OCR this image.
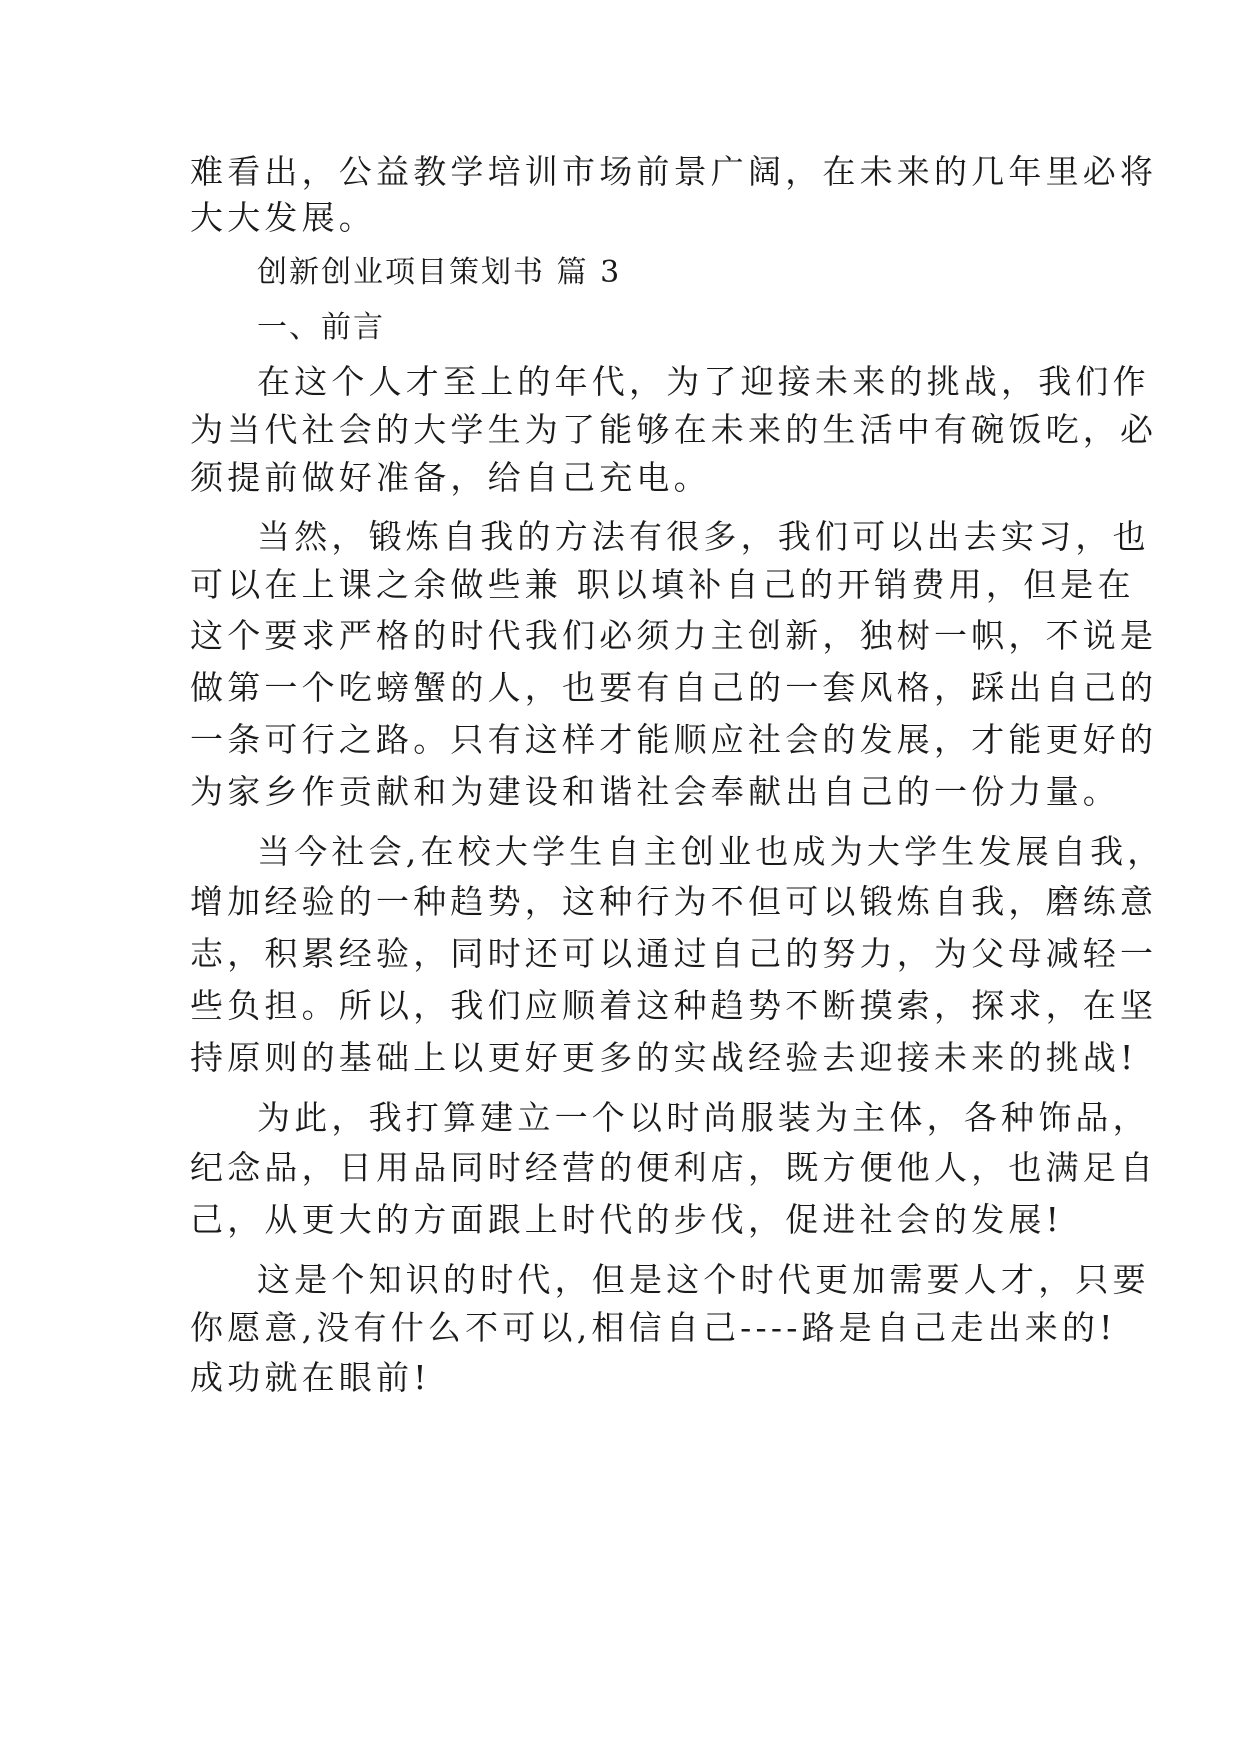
难看出，公益教学培训市场前景广阔，在未来的几年里必将
大大发展。
创新创业项目策划书 篇 3
一、前言
在这个人才至上的年代，为了迎接未来的挑战，我们作
为当代社会的大学生为了能够在未来的生活中有碗饭吃，必
须提前做好准备，给自己充电。
当然，锻炼自我的方法有很多，我们可以出去实习，也
可以在上课之余做些兼 职以填补自己的开销费用，但是在
这个要求严格的时代我们必须力主创新，独树一帜，不说是
做第一个吃螃蟹的人，也要有自己的一套风格，踩出自己的
一条可行之路。只有这样才能顺应社会的发展，才能更好的
为家乡作贡献和为建设和谐社会奉献出自己的一份力量。
当今社会,在校大学生自主创业也成为大学生发展自我，
增加经验的一种趋势，这种行为不但可以锻炼自我，磨练意
志，积累经验，同时还可以通过自己的努力，为父母减轻一
些负担。所以，我们应顺着这种趋势不断摸索，探求，在坚
持原则的基础上以更好更多的实战经验去迎接未来的挑战!
为此，我打算建立一个以时尚服装为主体，各种饰品，
纪念品，日用品同时经营的便利店，既方便他人，也满足自
己，从更大的方面跟上时代的步伐，促进社会的发展!
这是个知识的时代，但是这个时代更加需要人才，只要
你愿意,没有什么不可以,相信自己----路是自己走出来的!
成功就在眼前!
